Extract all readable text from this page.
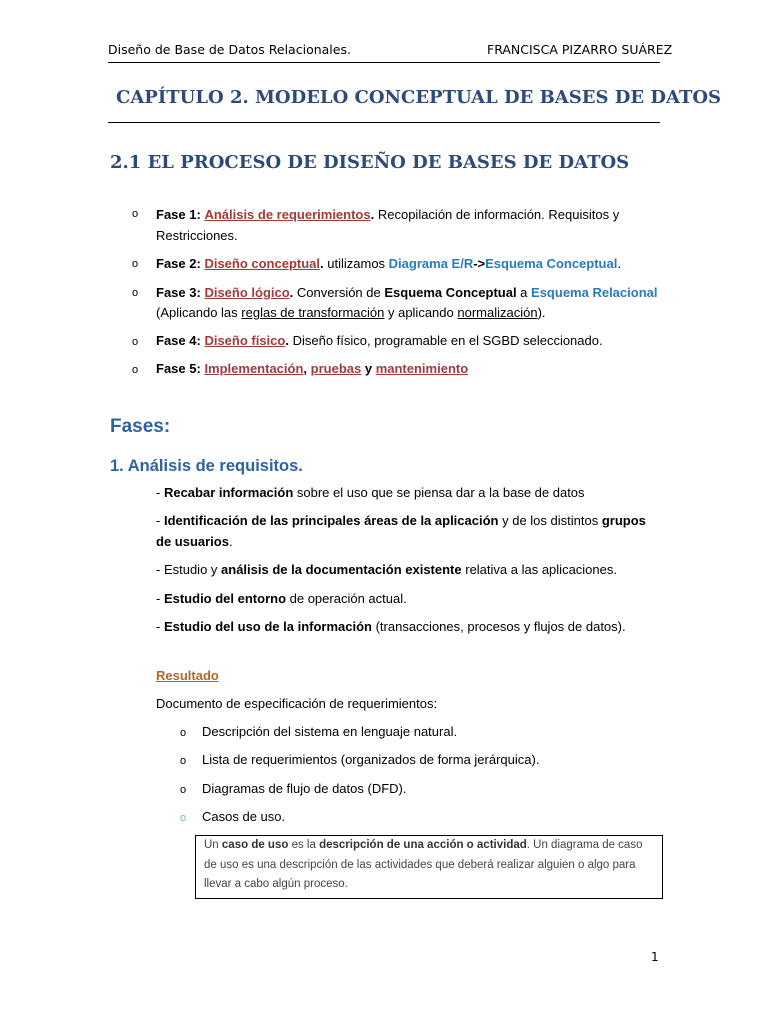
Diseño de Base de Datos Relacionales.	FRANCISCA PIZARRO SUÁREZ
CAPÍTULO 2. MODELO CONCEPTUAL DE BASES DE DATOS
2.1 EL PROCESO DE DISEÑO DE BASES DE DATOS
o Fase 1: Análisis de requerimientos. Recopilación de información. Requisitos y
Restricciones.
o Fase 2: Diseño conceptual. utilizamos Diagrama E/R->Esquema Conceptual.
o Fase 3: Diseño lógico. Conversión de Esquema Conceptual a Esquema Relacional
(Aplicando las reglas de transformación y aplicando normalización).
o Fase 4: Diseño físico. Diseño físico, programable en el SGBD seleccionado.
o Fase 5: Implementación, pruebas y mantenimiento
Fases:
1. Análisis de requisitos.
- Recabar información sobre el uso que se piensa dar a la base de datos
- Identificación de las principales áreas de la aplicación y de los distintos grupos
de usuarios.
- Estudio y análisis de la documentación existente relativa a las aplicaciones.
- Estudio del entorno de operación actual.
- Estudio del uso de la información (transacciones, procesos y flujos de datos).
Resultado
Documento de especificación de requerimientos:
o Descripción del sistema en lenguaje natural.
o Lista de requerimientos (organizados de forma jerárquica).
o Diagramas de flujo de datos (DFD).
o Casos de uso.
Un caso de uso es la descripción de una acción o actividad. Un diagrama de caso
de uso es una descripción de las actividades que deberá realizar alguien o algo para
llevar a cabo algún proceso.
1
